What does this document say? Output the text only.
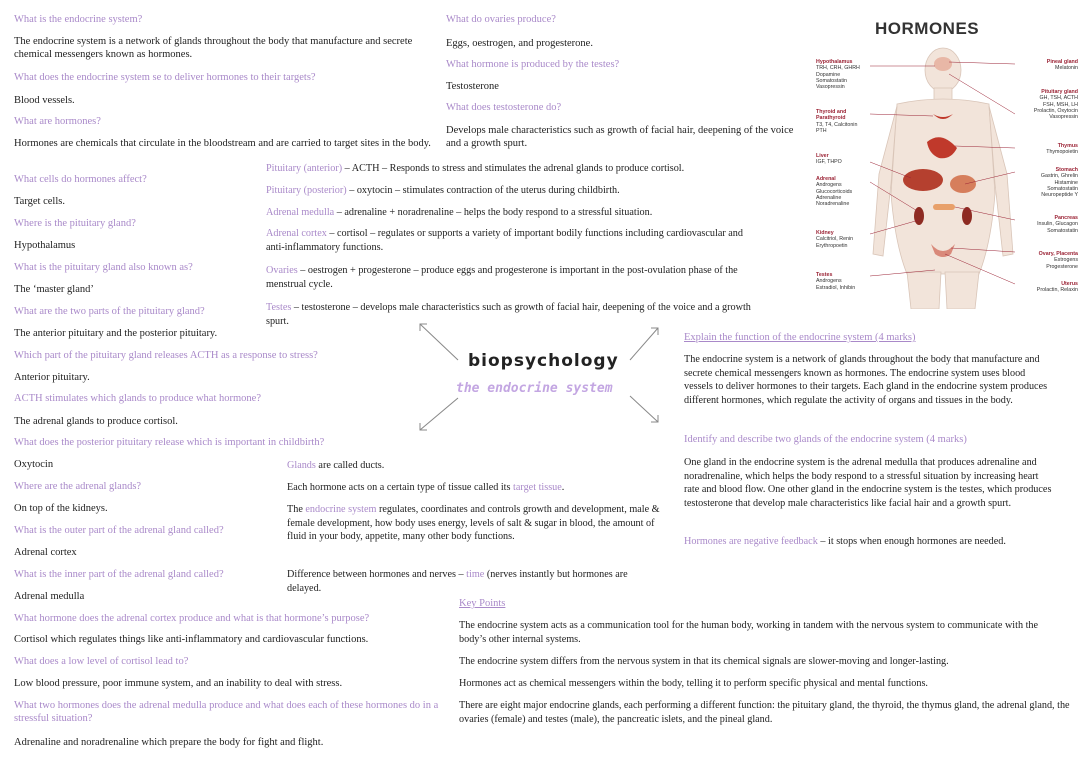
What is the endocrine system?
The endocrine system is a network of glands throughout the body that manufacture and secrete chemical messengers known as hormones.
What does the endocrine system se to deliver hormones to their targets?
Blood vessels.
What are hormones?
Hormones are chemicals that circulate in the bloodstream and are carried to target sites in the body.
What cells do hormones affect?
Target cells.
Where is the pituitary gland?
Hypothalamus
What is the pituitary gland also known as?
The ‘master gland’
What are the two parts of the pituitary gland?
The anterior pituitary and the posterior pituitary.
Which part of the pituitary gland releases ACTH as a response to stress?
Anterior pituitary.
ACTH stimulates which glands to produce what hormone?
The adrenal glands to produce cortisol.
What does the posterior pituitary release which is important in childbirth?
Oxytocin
Where are the adrenal glands?
On top of the kidneys.
What is the outer part of the adrenal gland called?
Adrenal cortex
What is the inner part of the adrenal gland called?
Adrenal medulla
What hormone does the adrenal cortex produce and what is that hormone’s purpose?
Cortisol which regulates things like anti-inflammatory and cardiovascular functions.
What does a low level of cortisol lead to?
Low blood pressure, poor immune system, and an inability to deal with stress.
What two hormones does the adrenal medulla produce and what does each of these hormones do in a stressful situation?
Adrenaline and noradrenaline which prepare the body for fight and flight.
What do ovaries produce?
Eggs, oestrogen, and progesterone.
What hormone is produced by the testes?
Testosterone
What does testosterone do?
Develops male characteristics such as growth of facial hair, deepening of the voice and a growth spurt.
Pituitary (anterior) – ACTH – Responds to stress and stimulates the adrenal glands to produce cortisol.
Pituitary (posterior) – oxytocin – stimulates contraction of the uterus during childbirth.
Adrenal medulla – adrenaline + noradrenaline – helps the body respond to a stressful situation.
Adrenal cortex – cortisol – regulates or supports a variety of important bodily functions including cardiovascular and anti-inflammatory functions.
Ovaries – oestrogen + progesterone – produce eggs and progesterone is important in the post-ovulation phase of the menstrual cycle.
Testes – testosterone – develops male characteristics such as growth of facial hair, deepening of the voice and a growth spurt.
biopsychology
the endocrine system
Glands are called ducts.
Each hormone acts on a certain type of tissue called its target tissue.
The endocrine system regulates, coordinates and controls growth and development, male & female development, how body uses energy, levels of salt & sugar in blood, the amount of fluid in your body, appetite, many other body functions.
Difference between hormones and nerves – time (nerves instantly but hormones are delayed.
Explain the function of the endocrine system (4 marks)
The endocrine system is a network of glands throughout the body that manufacture and secrete chemical messengers known as hormones. The endocrine system uses blood vessels to deliver hormones to their targets. Each gland in the endocrine system produces different hormones, which regulate the activity of organs and tissues in the body.
Identify and describe two glands of the endocrine system (4 marks)
One gland in the endocrine system is the adrenal medulla that produces adrenaline and noradrenaline, which helps the body respond to a stressful situation by increasing heart rate and blood flow. One other gland in the endocrine system is the testes, which produces testosterone that develop male characteristics like facial hair and a growth spurt.
Hormones are negative feedback – it stops when enough hormones are needed.
Key Points
The endocrine system acts as a communication tool for the human body, working in tandem with the nervous system to communicate with the body’s other internal systems.
The endocrine system differs from the nervous system in that its chemical signals are slower-moving and longer-lasting.
Hormones act as chemical messengers within the body, telling it to perform specific physical and mental functions.
There are eight major endocrine glands, each performing a different function: the pituitary gland, the thyroid, the thymus gland, the adrenal gland, the ovaries (female) and testes (male), the pancreatic islets, and the pineal gland.
HORMONES
Hypothalamus
TRH, CRH, GHRH
Dopamine
Somatostatin
Vasopressin
Thyroid and
Parathyroid
T3, T4, Calcitonin
PTH
Liver
IGF, THPO
Adrenal
Androgens
Glucocorticoids
Adrenaline
Noradrenaline
Kidney
Calcitriol, Renin
Erythropoetin
Testes
Androgens
Estradiol, Inhibin
Pineal gland
Melatonin
Pituitary gland
GH, TSH, ACTH
FSH, MSH, LH
Prolactin, Oxytocin
Vasopressin
Thymus
Thymopoietin
Stomach
Gastrin, Ghrelin
Histamine
Somatostatin
Neuropeptide Y
Pancreas
Insulin, Glucagon
Somatostatin
Ovary, Placenta
Estrogens
Progesterone
Uterus
Prolactin, Relaxin
